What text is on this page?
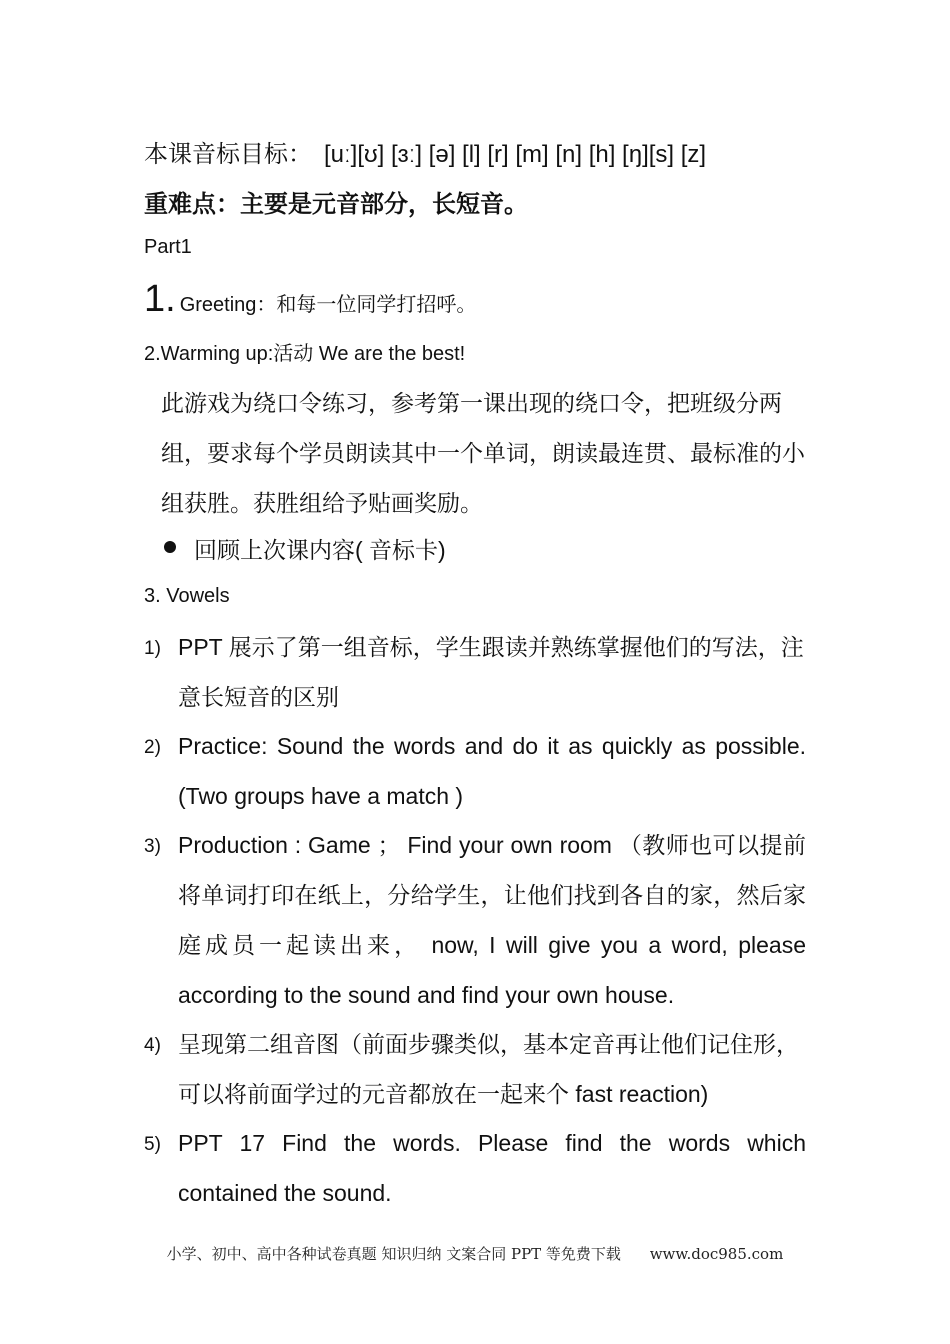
本课音标目标： [uː][ʊ] [ɜː] [ə] [l] [r] [m] [n] [h] [ŋ][s] [z]
重难点：主要是元音部分，长短音。
Part1
1. Greeting：和每一位同学打招呼。
2.Warming up:活动 We are the best!
此游戏为绕口令练习，参考第一课出现的绕口令，把班级分两组，要求每个学员朗读其中一个单词，朗读最连贯、最标准的小组获胜。获胜组给予贴画奖励。
回顾上次课内容( 音标卡)
3. Vowels
1) PPT 展示了第一组音标，学生跟读并熟练掌握他们的写法，注意长短音的区别
2) Practice: Sound the words and do it as quickly as possible. (Two groups have a match )
3) Production : Game ； Find your own room （教师也可以提前将单词打印在纸上，分给学生，让他们找到各自的家，然后家庭成员一起读出来， now, I will give you a word, please according to the sound and find your own house.
4) 呈现第二组音图（前面步骤类似，基本定音再让他们记住形，可以将前面学过的元音都放在一起来个 fast reaction)
5) PPT 17 Find the words. Please find the words which contained the sound.
小学、初中、高中各种试卷真题 知识归纳 文案合同 PPT 等免费下载 www.doc985.com
